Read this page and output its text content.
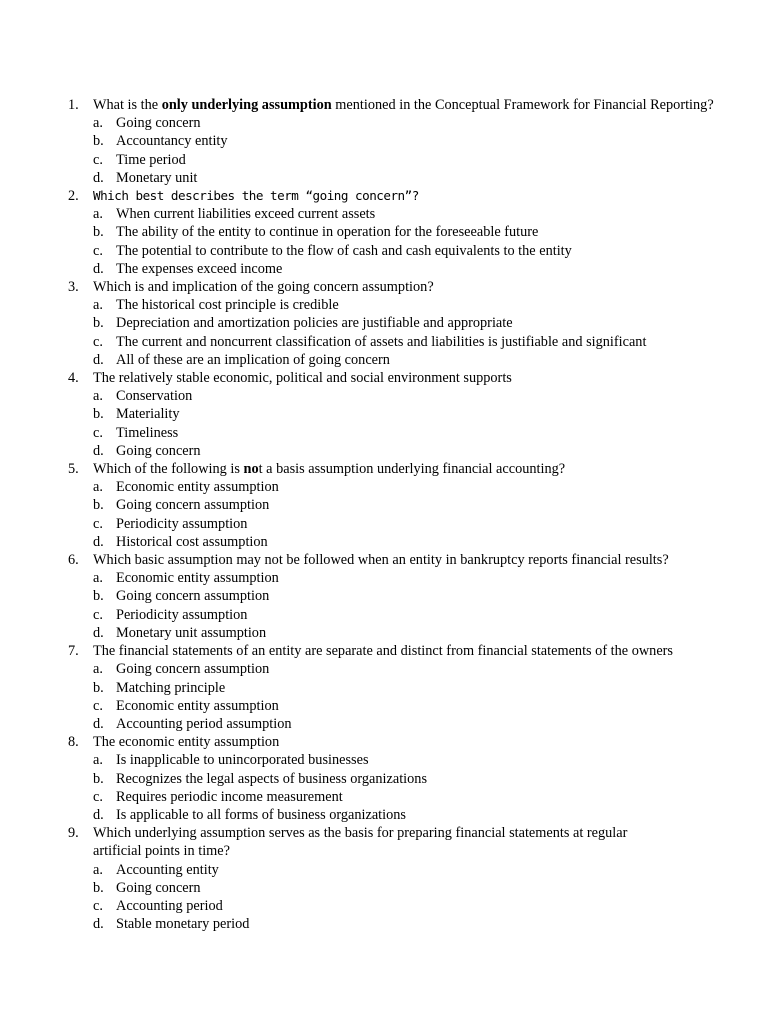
1. What is the only underlying assumption mentioned in the Conceptual Framework for Financial Reporting?
a. Going concern
b. Accountancy entity
c. Time period
d. Monetary unit
2. Which best describes the term “going concern”?
a. When current liabilities exceed current assets
b. The ability of the entity to continue in operation for the foreseeable future
c. The potential to contribute to the flow of cash and cash equivalents to the entity
d. The expenses exceed income
3. Which is and implication of the going concern assumption?
a. The historical cost principle is credible
b. Depreciation and amortization policies are justifiable and appropriate
c. The current and noncurrent classification of assets and liabilities is justifiable and significant
d. All of these are an implication of going concern
4. The relatively stable economic, political and social environment supports
a. Conservation
b. Materiality
c. Timeliness
d. Going concern
5. Which of the following is not a basis assumption underlying financial accounting?
a. Economic entity assumption
b. Going concern assumption
c. Periodicity assumption
d. Historical cost assumption
6. Which basic assumption may not be followed when an entity in bankruptcy reports financial results?
a. Economic entity assumption
b. Going concern assumption
c. Periodicity assumption
d. Monetary unit assumption
7. The financial statements of an entity are separate and distinct from financial statements of the owners
a. Going concern assumption
b. Matching principle
c. Economic entity assumption
d. Accounting period assumption
8. The economic entity assumption
a. Is inapplicable to unincorporated businesses
b. Recognizes the legal aspects of business organizations
c. Requires periodic income measurement
d. Is applicable to all forms of business organizations
9. Which underlying assumption serves as the basis for preparing financial statements at regular artificial points in time?
a. Accounting entity
b. Going concern
c. Accounting period
d. Stable monetary period
